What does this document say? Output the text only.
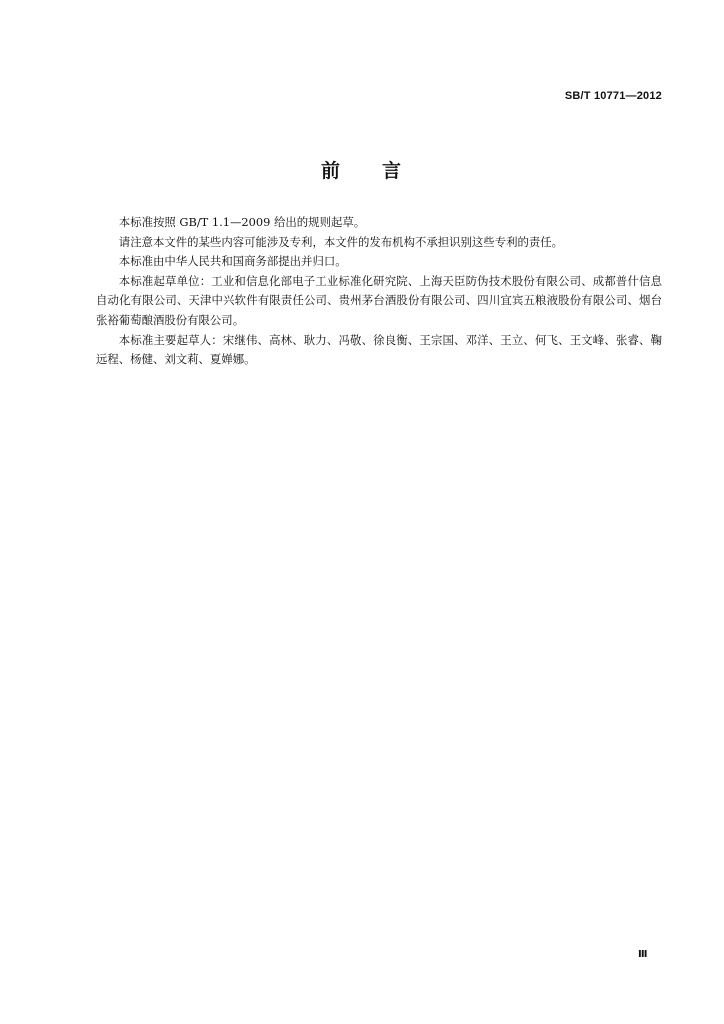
SB/T 10771—2012
前 言

本标准按照 GB/T 1.1—2009 给出的规则起草。

请注意本文件的某些内容可能涉及专利，本文件的发布机构不承担识别这些专利的责任。

本标准由中华人民共和国商务部提出并归口。

本标准起草单位：工业和信息化部电子工业标准化研究院、上海天臣防伪技术股份有限公司、成都普什信息自动化有限公司、天津中兴软件有限责任公司、贵州茅台酒股份有限公司、四川宜宾五粮液股份有限公司、烟台张裕葡萄酿酒股份有限公司。

本标准主要起草人：宋继伟、高林、耿力、冯敬、徐良衡、王宗国、邓洋、王立、何飞、王文峰、张睿、鞠远程、杨健、刘文莉、夏婵娜。

Ⅲ
